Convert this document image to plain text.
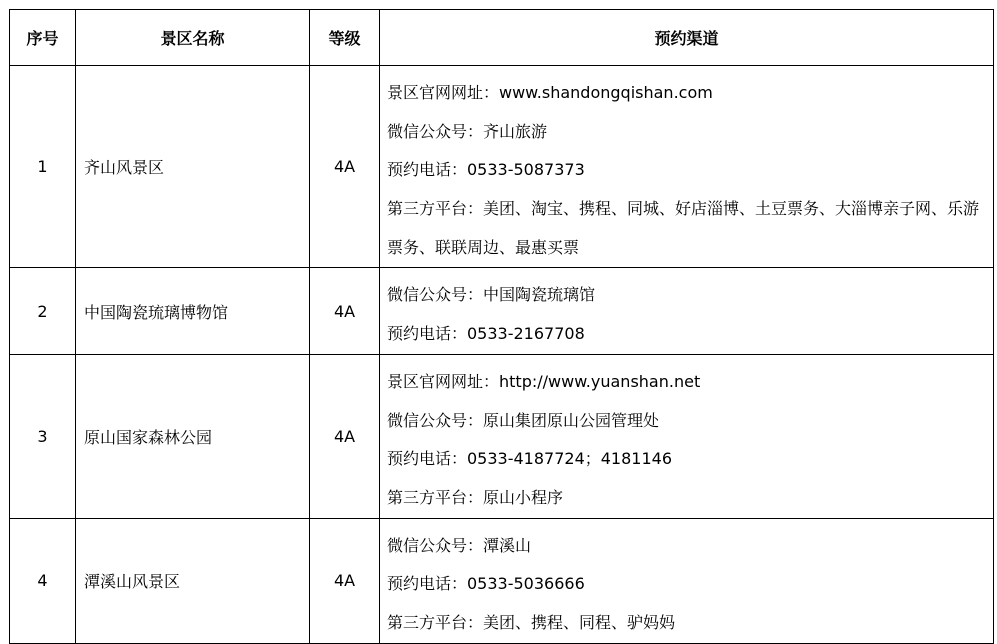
序号	景区名称	等级	预约渠道
1	齐山风景区	4A	景区官网网址：www.shandongqishan.com
微信公众号：齐山旅游
预约电话：0533-5087373
第三方平台：美团、淘宝、携程、同城、好店淄博、土豆票务、大淄博亲子网、乐游票务、联联周边、最惠买票

2	中国陶瓷琉璃博物馆	4A	微信公众号：中国陶瓷琉璃馆
预约电话：0533-2167708

3	原山国家森林公园	4A	景区官网网址：http://www.yuanshan.net
微信公众号：原山集团原山公园管理处
预约电话：0533-4187724；4181146
第三方平台：原山小程序

4	潭溪山风景区	4A	微信公众号：潭溪山
预约电话：0533-5036666
第三方平台：美团、携程、同程、驴妈妈
